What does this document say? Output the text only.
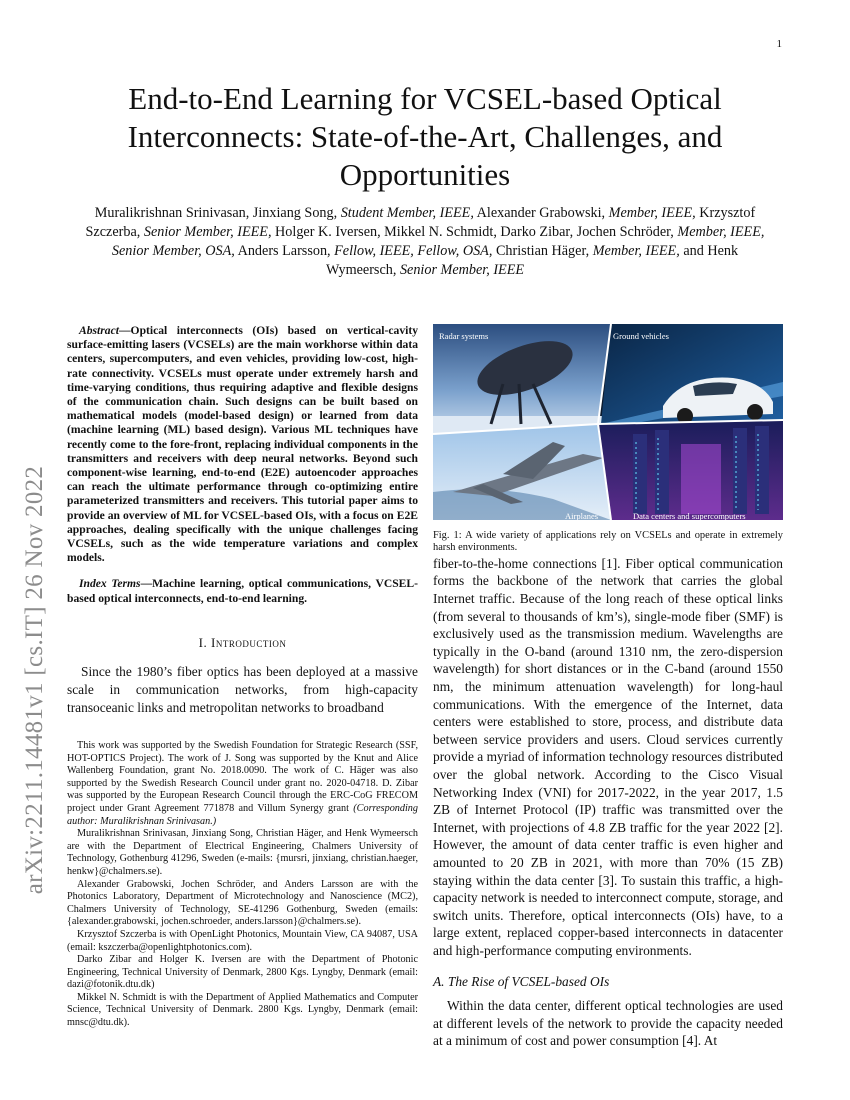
1
arXiv:2211.14481v1 [cs.IT] 26 Nov 2022
End-to-End Learning for VCSEL-based Optical Interconnects: State-of-the-Art, Challenges, and Opportunities

Muralikrishnan Srinivasan, Jinxiang Song, Student Member, IEEE, Alexander Grabowski, Member, IEEE, Krzysztof Szczerba, Senior Member, IEEE, Holger K. Iversen, Mikkel N. Schmidt, Darko Zibar, Jochen Schröder, Member, IEEE, Senior Member, OSA, Anders Larsson, Fellow, IEEE, Fellow, OSA, Christian Häger, Member, IEEE, and Henk Wymeersch, Senior Member, IEEE

Abstract—Optical interconnects (OIs) based on vertical-cavity surface-emitting lasers (VCSELs) are the main workhorse within data centers, supercomputers, and even vehicles, providing low-cost, high-rate connectivity. VCSELs must operate under extremely harsh and time-varying conditions, thus requiring adaptive and flexible designs of the communication chain. Such designs can be built based on mathematical models (model-based design) or learned from data (machine learning (ML) based design). Various ML techniques have recently come to the fore-front, replacing individual components in the transmitters and receivers with deep neural networks. Beyond such component-wise learning, end-to-end (E2E) autoencoder approaches can reach the ultimate performance through co-optimizing entire parameterized transmitters and receivers. This tutorial paper aims to provide an overview of ML for VCSEL-based OIs, with a focus on E2E approaches, dealing specifically with the unique challenges facing VCSELs, such as the wide temperature variations and complex models.

Index Terms—Machine learning, optical communications, VCSEL-based optical interconnects, end-to-end learning.

I. Introduction

Since the 1980’s fiber optics has been deployed at a massive scale in communication networks, from high-capacity transoceanic links and metropolitan networks to broadband

This work was supported by the Swedish Foundation for Strategic Research (SSF, HOT-OPTICS Project). The work of J. Song was supported by the Knut and Alice Wallenberg Foundation, grant No. 2018.0090. The work of C. Häger was also supported by the Swedish Research Council under grant no. 2020-04718. D. Zibar was supported by the European Research Council through the ERC-CoG FRECOM project under Grant Agreement 771878 and Villum Synergy grant (Corresponding author: Muralikrishnan Srinivasan.)

Muralikrishnan Srinivasan, Jinxiang Song, Christian Häger, and Henk Wymeersch are with the Department of Electrical Engineering, Chalmers University of Technology, Gothenburg 41296, Sweden (e-mails: {mursri, jinxiang, christian.haeger, henkw}@chalmers.se).

Alexander Grabowski, Jochen Schröder, and Anders Larsson are with the Photonics Laboratory, Department of Microtechnology and Nanoscience (MC2), Chalmers University of Technology, SE-41296 Gothenburg, Sweden (emails: {alexander.grabowski, jochen.schroeder, anders.larsson}@chalmers.se).

Krzysztof Szczerba is with OpenLight Photonics, Mountain View, CA 94087, USA (email: kszczerba@openlightphotonics.com).

Darko Zibar and Holger K. Iversen are with the Department of Photonic Engineering, Technical University of Denmark, 2800 Kgs. Lyngby, Denmark (email: dazi@fotonik.dtu.dk)

Mikkel N. Schmidt is with the Department of Applied Mathematics and Computer Science, Technical University of Denmark. 2800 Kgs. Lyngby, Denmark (email: mnsc@dtu.dk).

Radar systems	Ground vehicles
Airplanes	Data centers and supercomputers

Fig. 1: A wide variety of applications rely on VCSELs and operate in extremely harsh environments.

fiber-to-the-home connections [1]. Fiber optical communication forms the backbone of the network that carries the global Internet traffic. Because of the long reach of these optical links (from several to thousands of km’s), single-mode fiber (SMF) is exclusively used as the transmission medium. Wavelengths are typically in the O-band (around 1310 nm, the zero-dispersion wavelength) for short distances or in the C-band (around 1550 nm, the minimum attenuation wavelength) for long-haul communications. With the emergence of the Internet, data centers were established to store, process, and distribute data between service providers and users. Cloud services currently provide a myriad of information technology resources distributed over the global network. According to the Cisco Visual Networking Index (VNI) for 2017-2022, in the year 2017, 1.5 ZB of Internet Protocol (IP) traffic was transmitted over the Internet, with projections of 4.8 ZB traffic for the year 2022 [2]. However, the amount of data center traffic is even higher and amounted to 20 ZB in 2021, with more than 70% (15 ZB) staying within the data center [3]. To sustain this traffic, a high-capacity network is needed to interconnect compute, storage, and switch units. Therefore, optical interconnects (OIs) have, to a large extent, replaced copper-based interconnects in datacenter and high-performance computing environments.

A. The Rise of VCSEL-based OIs

Within the data center, different optical technologies are used at different levels of the network to provide the capacity needed at a minimum of cost and power consumption [4]. At
